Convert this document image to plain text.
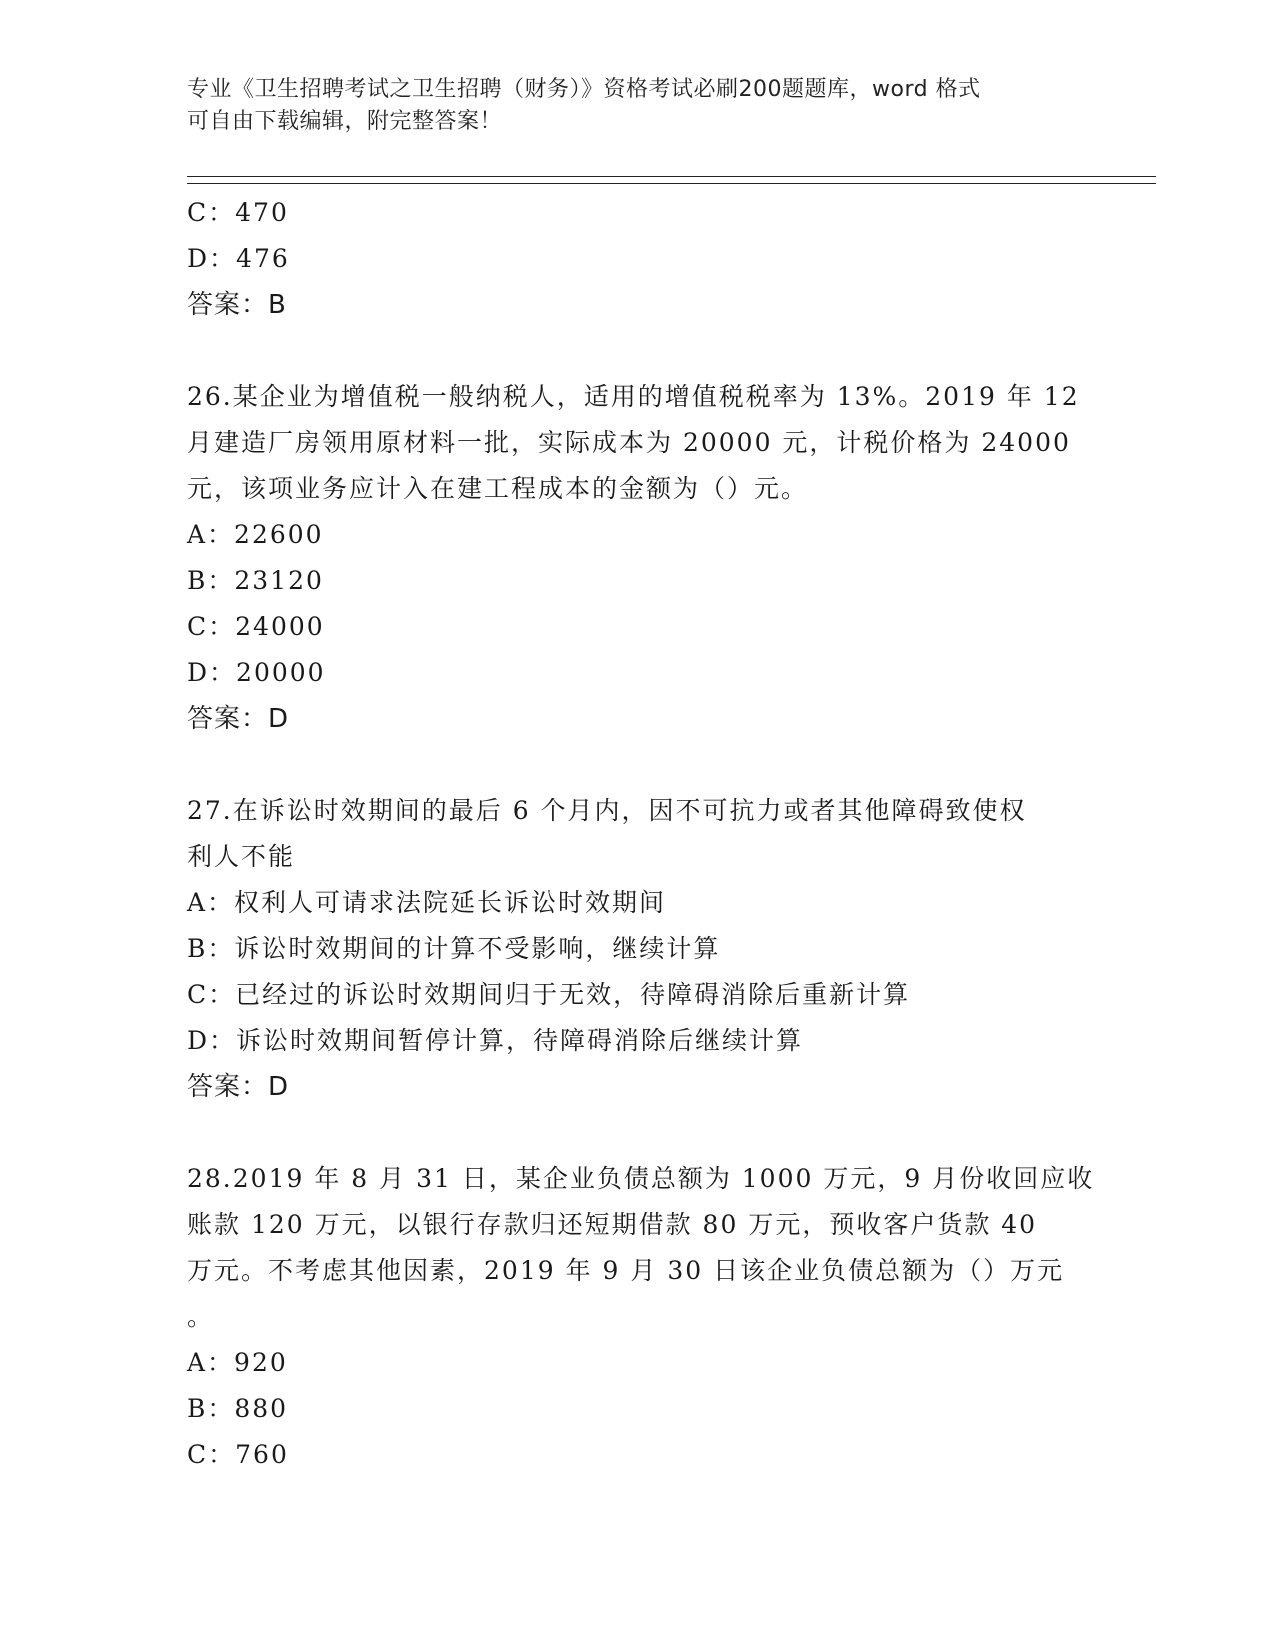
专业《卫生招聘考试之卫生招聘（财务）》资格考试必刷200题题库，word 格式
可自由下载编辑，附完整答案！
C：470
D：476
答案：B
26.某企业为增值税一般纳税人，适用的增值税税率为 13%。2019 年 12
月建造厂房领用原材料一批，实际成本为 20000 元，计税价格为 24000
元，该项业务应计入在建工程成本的金额为（）元。
A：22600
B：23120
C：24000
D：20000
答案：D
27.在诉讼时效期间的最后 6 个月内，因不可抗力或者其他障碍致使权
利人不能
A：权利人可请求法院延长诉讼时效期间
B：诉讼时效期间的计算不受影响，继续计算
C：已经过的诉讼时效期间归于无效，待障碍消除后重新计算
D：诉讼时效期间暂停计算，待障碍消除后继续计算
答案：D
28.2019 年 8 月 31 日，某企业负债总额为 1000 万元，9 月份收回应收
账款 120 万元，以银行存款归还短期借款 80 万元，预收客户货款 40
万元。不考虑其他因素，2019 年 9 月 30 日该企业负债总额为（）万元
。
A：920
B：880
C：760
